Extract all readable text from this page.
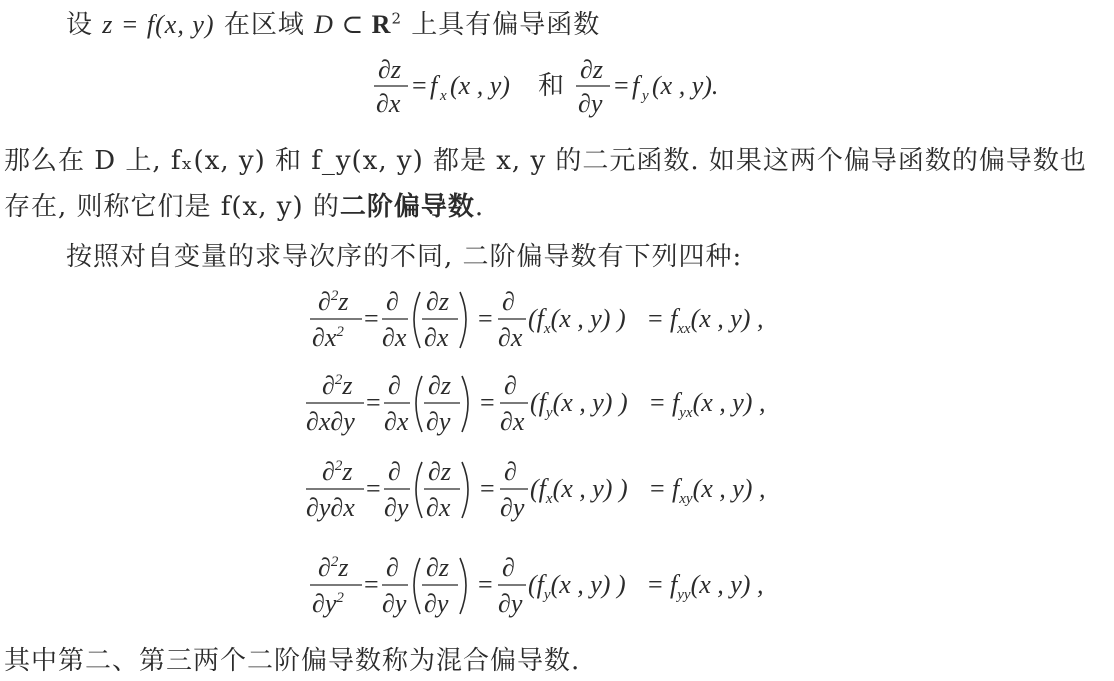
设 z = f(x, y) 在区域 D ⊂ $R^2$ 上具有偏导函数
∂z
∂x
= f x (x , y) 和
∂z
∂y
= f y (x , y).
那么在 D 上, fₓ(x, y) 和 f_y(x, y) 都是 x, y 的二元函数. 如果这两个偏导函数的偏导数也
存在, 则称它们是 f(x, y) 的二阶偏导数.
按照对自变量的求导次序的不同, 二阶偏导数有下列四种:
∂$^2$z
$\partial x^2$ =
∂
∂x
∂z
∂x
=
∂
∂x
($f_x(x$ , y) ) = $f_{xx}(x$ , y) ,
∂$^2$z
∂x∂y
=
∂
∂x
∂z
∂y
=
∂
∂x
($f_y(x$ , y) ) = $f_{yx}(x$ , y) ,
∂$^2$z
∂y∂x
=
∂
∂y
∂z
∂x
=
∂
∂y
($f_x(x$ , y) ) = $f_{xy}(x$ , y) ,
∂$^2$z
$\partial y^2$ =
∂
∂y
∂z
∂y
=
∂
∂y
($f_y(x$ , y) ) = $f_{yy}(x$ , y) ,
其中第二、第三两个二阶偏导数称为混合偏导数.
